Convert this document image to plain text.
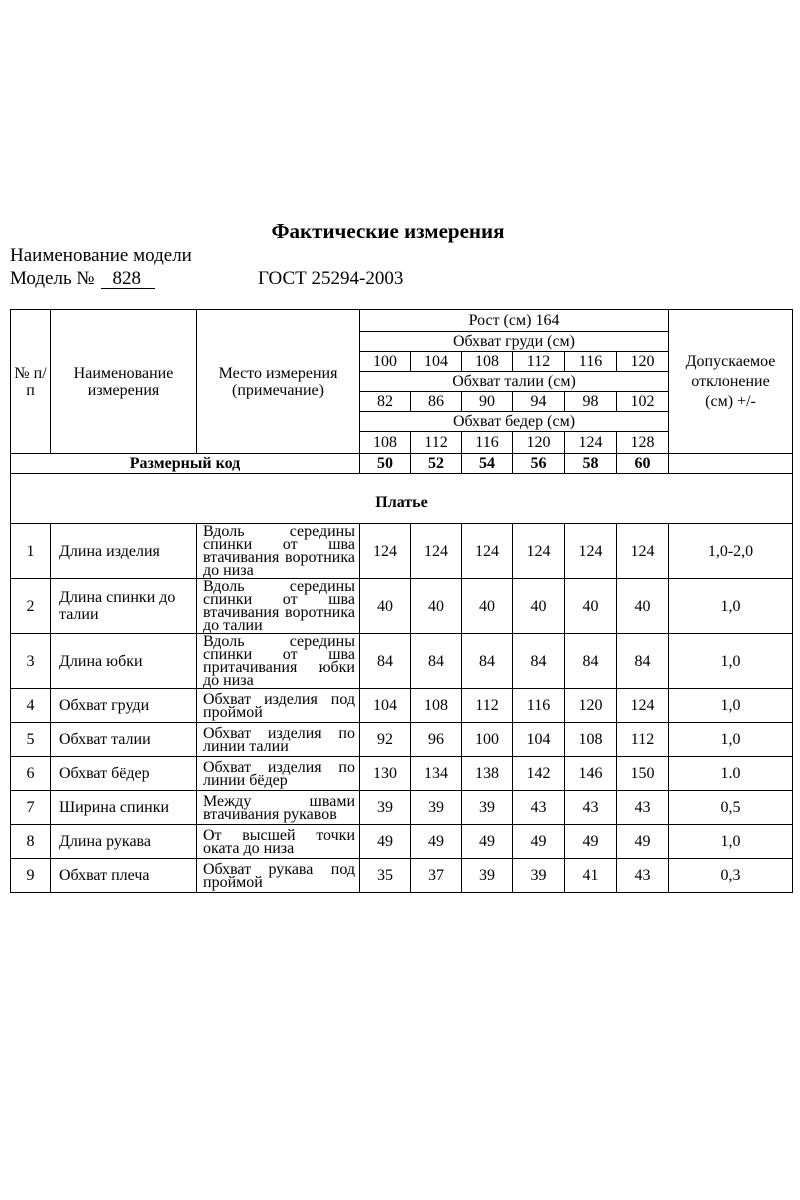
Фактические измерения
Наименование модели
Модель № 828	ГОСТ 25294-2003
№ п/п	Наименование измерения	Место измерения (примечание)	Рост (см) 164						Допускаемое отклонение (см) +/-
			Обхват груди (см)						
			100	104	108	112	116	120	
			Обхват талии (см)						
			82	86	90	94	98	102	
			Обхват бедер (см)						
			108	112	116	120	124	128	
Размерный код			50	52	54	56	58	60	
Платье									
1	Длина изделия	Вдоль середины спинки от шва втачивания воротника до низа	124	124	124	124	124	124	1,0-2,0
2	Длина спинки до талии	Вдоль середины спинки от шва втачивания воротника до талии	40	40	40	40	40	40	1,0
3	Длина юбки	Вдоль середины спинки от шва притачивания юбки до низа	84	84	84	84	84	84	1,0
4	Обхват груди	Обхват изделия под проймой	104	108	112	116	120	124	1,0
5	Обхват талии	Обхват изделия по линии талии	92	96	100	104	108	112	1,0
6	Обхват бёдер	Обхват изделия по линии бёдер	130	134	138	142	146	150	1.0
7	Ширина спинки	Между швами втачивания рукавов	39	39	39	43	43	43	0,5
8	Длина рукава	От высшей точки оката до низа	49	49	49	49	49	49	1,0
9	Обхват плеча	Обхват рукава под проймой	35	37	39	39	41	43	0,3
